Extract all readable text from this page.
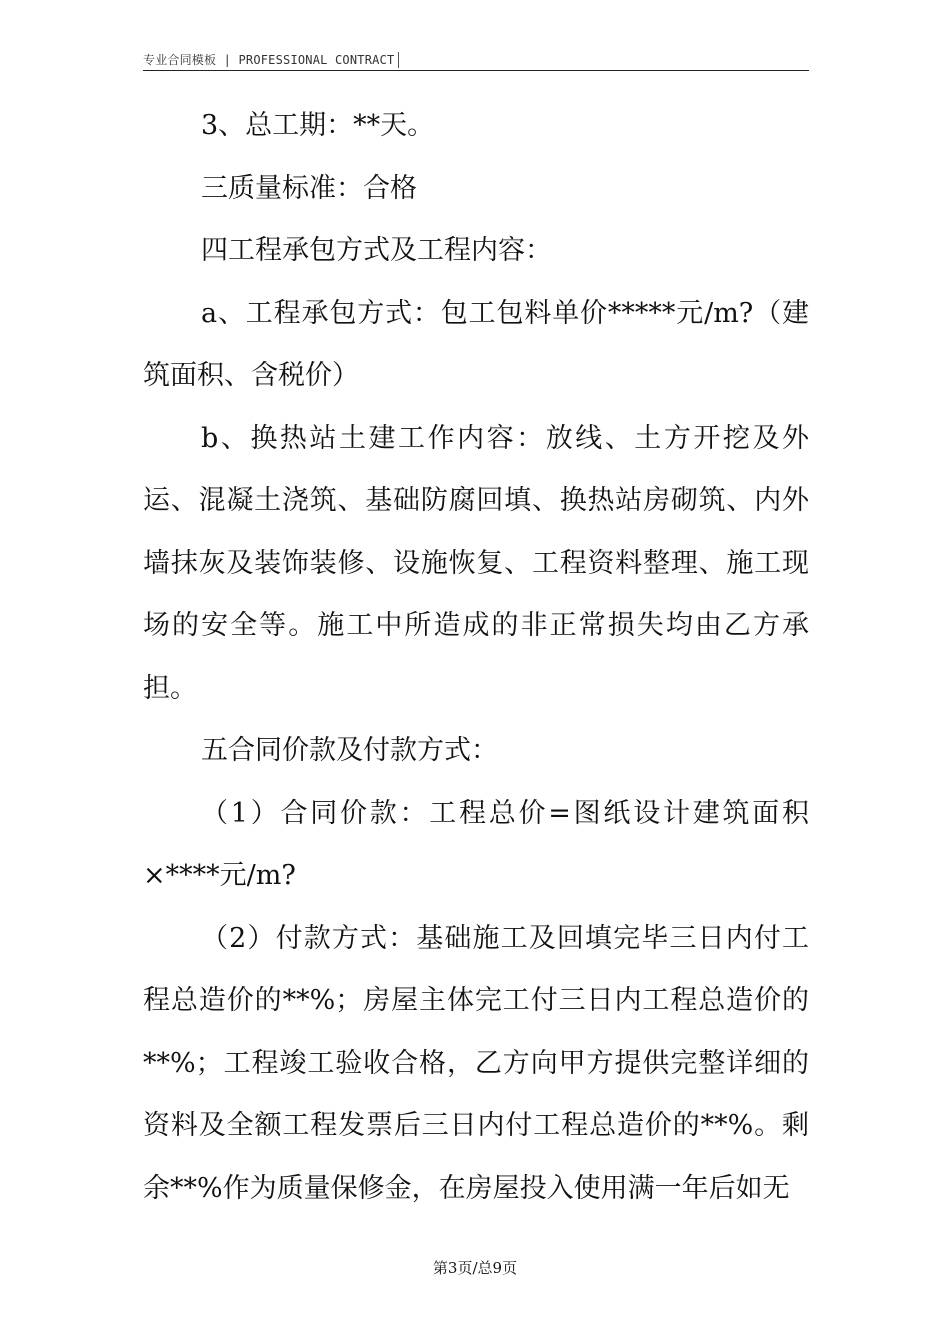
专业合同模板 | PROFESSIONAL CONTRACT

3、总工期：**天。

三质量标准：合格

四工程承包方式及工程内容：

a、工程承包方式：包工包料单价*****元/m?（建筑面积、含税价）

b、换热站土建工作内容：放线、土方开挖及外运、混凝土浇筑、基础防腐回填、换热站房砌筑、内外墙抹灰及装饰装修、设施恢复、工程资料整理、施工现场的安全等。施工中所造成的非正常损失均由乙方承担。

五合同价款及付款方式：

（1）合同价款：工程总价=图纸设计建筑面积×****元/m?

（2）付款方式：基础施工及回填完毕三日内付工程总造价的**%；房屋主体完工付三日内工程总造价的**%；工程竣工验收合格，乙方向甲方提供完整详细的资料及全额工程发票后三日内付工程总造价的**%。剩余**%作为质量保修金，在房屋投入使用满一年后如无

第3页/总9页
